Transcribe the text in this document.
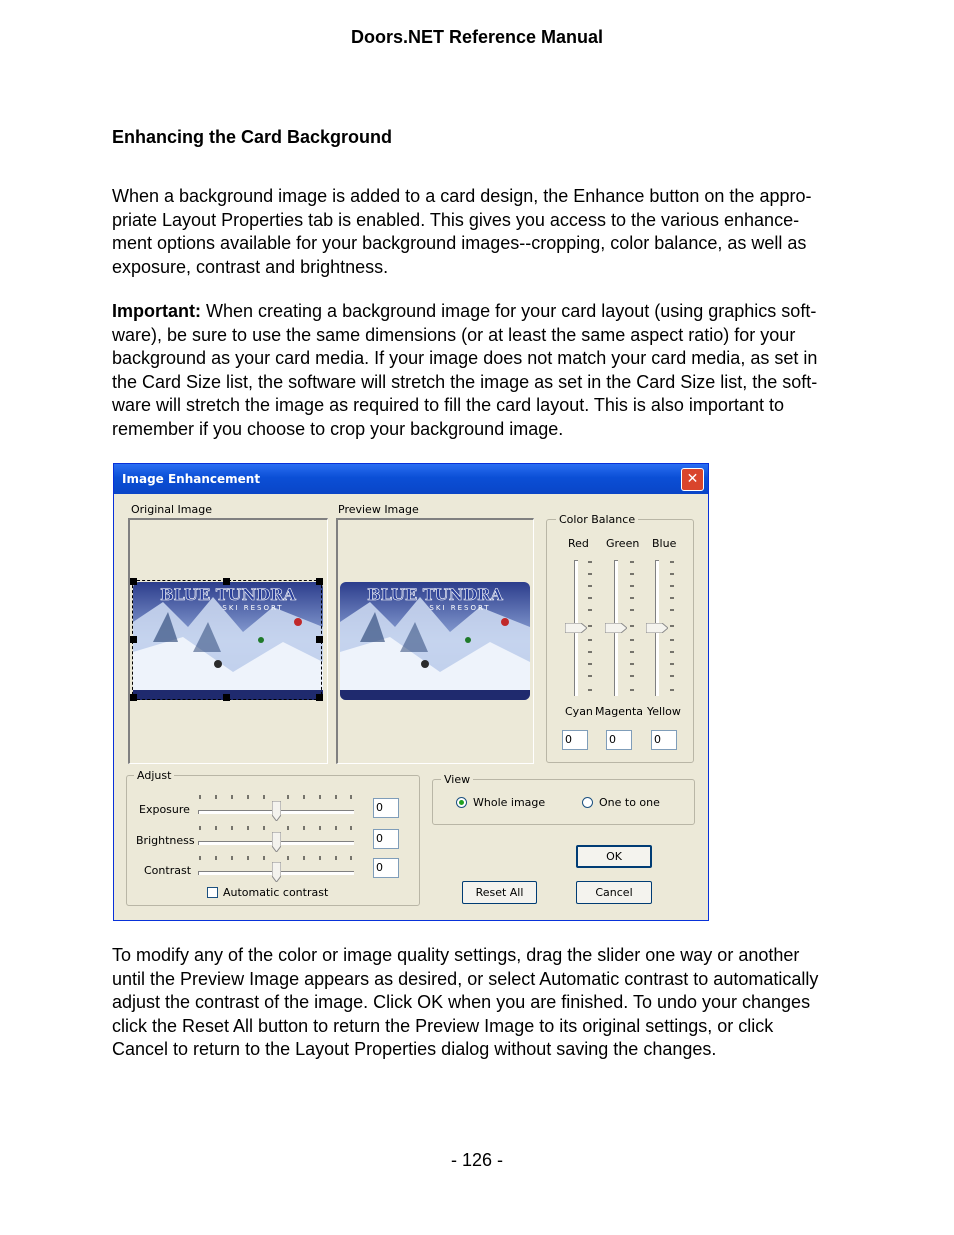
Doors.NET Reference Manual
Enhancing the Card Background
When a background image is added to a card design, the Enhance button on the appro-
priate Layout Properties tab is enabled. This gives you access to the various enhance-
ment options available for your background images--cropping, color balance, as well as
exposure, contrast and brightness.
Important: When creating a background image for your card layout (using graphics soft-
ware), be sure to use the same dimensions (or at least the same aspect ratio) for your
background as your card media. If your image does not match your card media, as set in
the Card Size list, the software will stretch the image as set in the Card Size list, the soft-
ware will stretch the image as required to fill the card layout. This is also important to
remember if you choose to crop your background image.
Image Enhancement	✕
Original Image
BLUE TUNDRA
SKI RESORT
Preview Image
BLUE TUNDRA
SKI RESORT
Color Balance
Red Green Blue
Cyan Magenta Yellow
0	0	0
Adjust
Exposure	0
Brightness	0
Contrast	0
Automatic contrast
View
Whole image	One to one
OK
Reset All	Cancel
To modify any of the color or image quality settings, drag the slider one way or another
until the Preview Image appears as desired, or select Automatic contrast to automatically
adjust the contrast of the image. Click OK when you are finished. To undo your changes
click the Reset All button to return the Preview Image to its original settings, or click
Cancel to return to the Layout Properties dialog without saving the changes.
- 126 -
